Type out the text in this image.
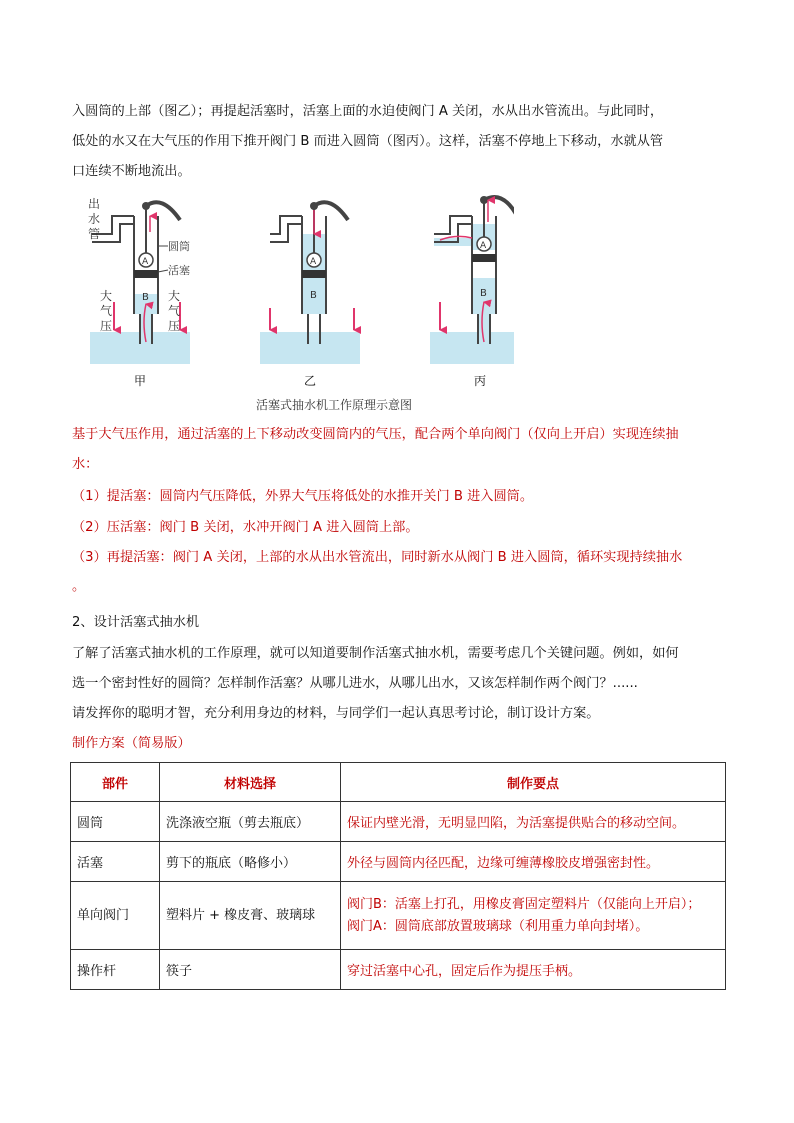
入圆筒的上部（图乙）；再提起活塞时，活塞上面的水迫使阀门 A 关闭，水从出水管流出。与此同时，

低处的水又在大气压的作用下推开阀门 B 而进入圆筒（图丙）。这样，活塞不停地上下移动，水就从管

口连续不断地流出。

出
水
管
圆筒
活塞
大
气
压
大
气
压
A
B
A
B
A
B
甲	乙	丙
活塞式抽水机工作原理示意图

基于大气压作用，通过活塞的上下移动改变圆筒内的气压，配合两个单向阀门（仅向上开启）实现连续抽

水：

（1）提活塞：圆筒内气压降低，外界大气压将低处的水推开关门 B 进入圆筒。

（2）压活塞：阀门 B 关闭，水冲开阀门 A 进入圆筒上部。

（3）再提活塞：阀门 A 关闭，上部的水从出水管流出，同时新水从阀门 B 进入圆筒，循环实现持续抽水

。

2、设计活塞式抽水机

了解了活塞式抽水机的工作原理，就可以知道要制作活塞式抽水机，需要考虑几个关键问题。例如，如何

选一个密封性好的圆筒？怎样制作活塞？从哪儿进水，从哪儿出水，又该怎样制作两个阀门？......

请发挥你的聪明才智，充分利用身边的材料，与同学们一起认真思考讨论，制订设计方案。

制作方案（简易版）

部件	材料选择	制作要点
圆筒	洗涤液空瓶（剪去瓶底）	保证内壁光滑，无明显凹陷，为活塞提供贴合的移动空间。
活塞	剪下的瓶底（略修小）	外径与圆筒内径匹配，边缘可缠薄橡胶皮增强密封性。
单向阀门	塑料片 + 橡皮膏、玻璃球	阀门B：活塞上打孔，用橡皮膏固定塑料片（仅能向上开启）；
阀门A：圆筒底部放置玻璃球（利用重力单向封堵）。

操作杆	筷子	穿过活塞中心孔，固定后作为提压手柄。
